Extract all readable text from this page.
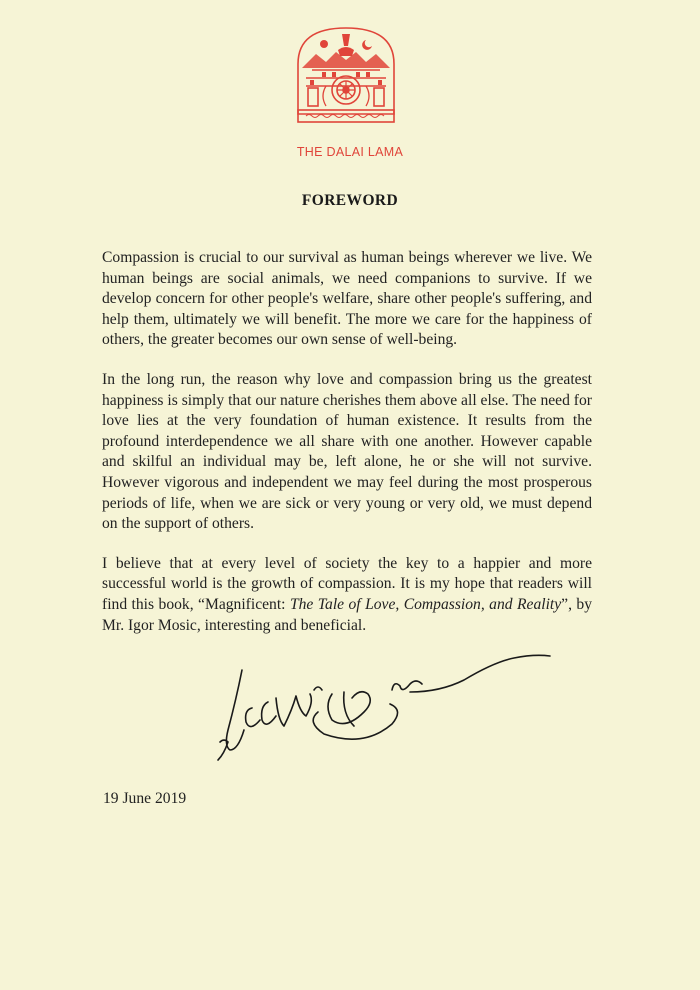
THE DALAI LAMA
FOREWORD

Compassion is crucial to our survival as human beings wherever we live. We human beings are social animals, we need companions to survive. If we develop concern for other people's welfare, share other people's suffering, and help them, ultimately we will benefit. The more we care for the happiness of others, the greater becomes our own sense of well-being.

In the long run, the reason why love and compassion bring us the greatest happiness is simply that our nature cherishes them above all else. The need for love lies at the very foundation of human existence. It results from the profound interdependence we all share with one another. However capable and skilful an individual may be, left alone, he or she will not survive. However vigorous and independent we may feel during the most prosperous periods of life, when we are sick or very young or very old, we must depend on the support of others.

I believe that at every level of society the key to a happier and more successful world is the growth of compassion. It is my hope that readers will find this book, “Magnificent: The Tale of Love, Compassion, and Reality”, by Mr. Igor Mosic, interesting and beneficial.

19 June 2019
